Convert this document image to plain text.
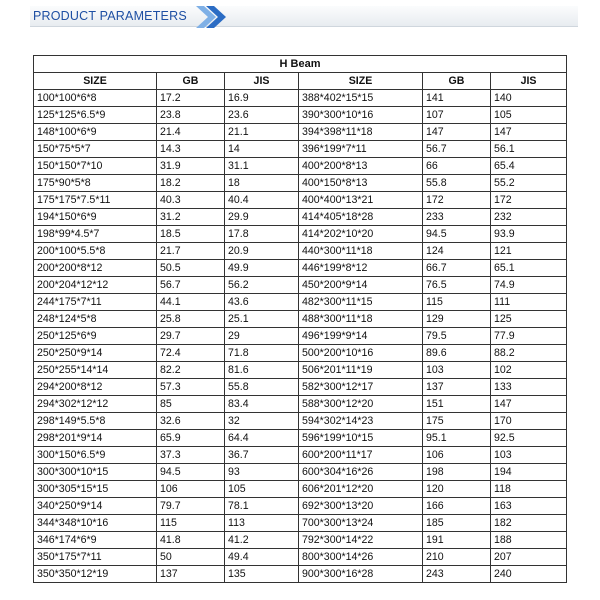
PRODUCT PARAMETERS
H Beam					
SIZE	GB	JIS	SIZE	GB	JIS
100*100*6*8	17.2	16.9	388*402*15*15	141	140
125*125*6.5*9	23.8	23.6	390*300*10*16	107	105
148*100*6*9	21.4	21.1	394*398*11*18	147	147
150*75*5*7	14.3	14	396*199*7*11	56.7	56.1
150*150*7*10	31.9	31.1	400*200*8*13	66	65.4
175*90*5*8	18.2	18	400*150*8*13	55.8	55.2
175*175*7.5*11	40.3	40.4	400*400*13*21	172	172
194*150*6*9	31.2	29.9	414*405*18*28	233	232
198*99*4.5*7	18.5	17.8	414*202*10*20	94.5	93.9
200*100*5.5*8	21.7	20.9	440*300*11*18	124	121
200*200*8*12	50.5	49.9	446*199*8*12	66.7	65.1
200*204*12*12	56.7	56.2	450*200*9*14	76.5	74.9
244*175*7*11	44.1	43.6	482*300*11*15	115	111
248*124*5*8	25.8	25.1	488*300*11*18	129	125
250*125*6*9	29.7	29	496*199*9*14	79.5	77.9
250*250*9*14	72.4	71.8	500*200*10*16	89.6	88.2
250*255*14*14	82.2	81.6	506*201*11*19	103	102
294*200*8*12	57.3	55.8	582*300*12*17	137	133
294*302*12*12	85	83.4	588*300*12*20	151	147
298*149*5.5*8	32.6	32	594*302*14*23	175	170
298*201*9*14	65.9	64.4	596*199*10*15	95.1	92.5
300*150*6.5*9	37.3	36.7	600*200*11*17	106	103
300*300*10*15	94.5	93	600*304*16*26	198	194
300*305*15*15	106	105	606*201*12*20	120	118
340*250*9*14	79.7	78.1	692*300*13*20	166	163
344*348*10*16	115	113	700*300*13*24	185	182
346*174*6*9	41.8	41.2	792*300*14*22	191	188
350*175*7*11	50	49.4	800*300*14*26	210	207
350*350*12*19	137	135	900*300*16*28	243	240
